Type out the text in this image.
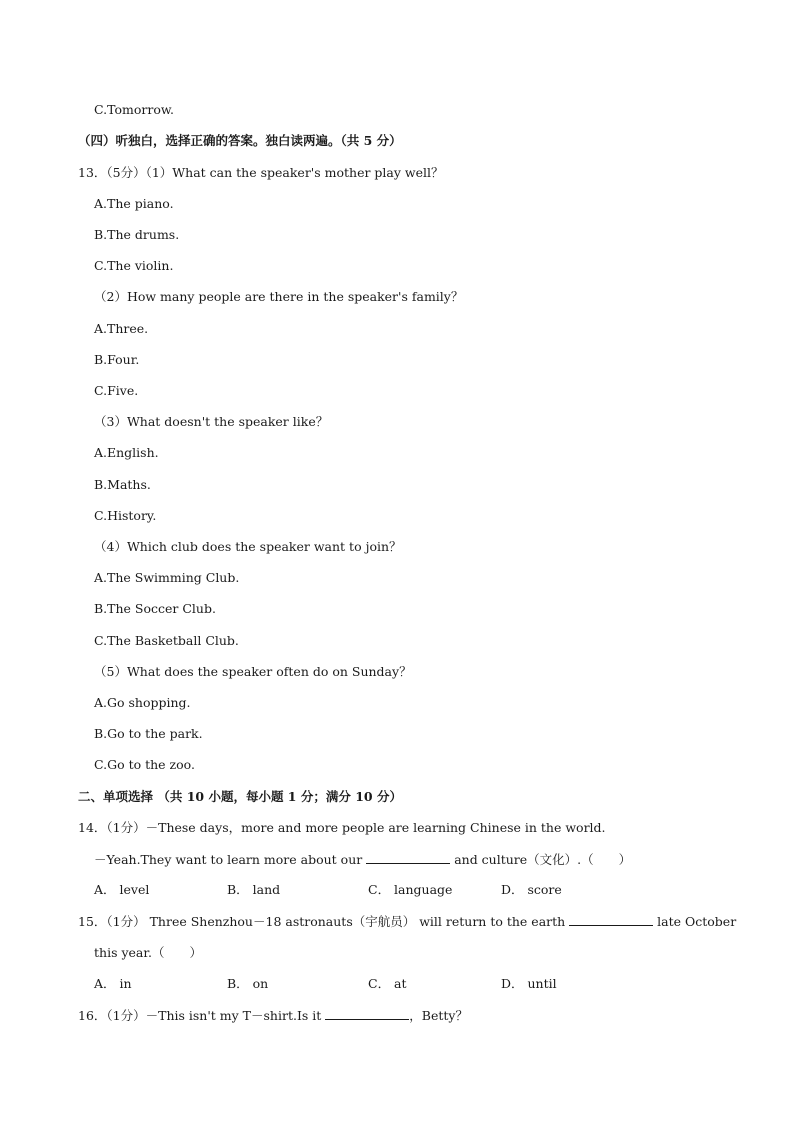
C.Tomorrow.
（四）听独白，选择正确的答案。独白读两遍。（共 5 分）
13．（5分）（1）What can the speaker's mother play well？
A.The piano.
B.The drums.
C.The violin.
（2）How many people are there in the speaker's family？
A.Three.
B.Four.
C.Five.
（3）What doesn't the speaker like？
A.English.
B.Maths.
C.History.
（4）Which club does the speaker want to join？
A.The Swimming Club.
B.The Soccer Club.
C.The Basketball Club.
（5）What does the speaker often do on Sunday？
A.Go shopping.
B.Go to the park.
C.Go to the zoo.
二、单项选择 （共 10 小题，每小题 1 分；满分 10 分）
14．（1分）－These days，more and more people are learning Chinese in the world.
－Yeah.They want to learn more about our	and culture（文化）.（　　）
A． level	B． land	C． language	D． score
15．（1分） Three Shenzhou－18 astronauts（宇航员） will return to the earth	late October
this year.（　　）
A． in	B． on	C． at	D． until
16．（1分）－This isn't my T－shirt.Is it	，Betty？
